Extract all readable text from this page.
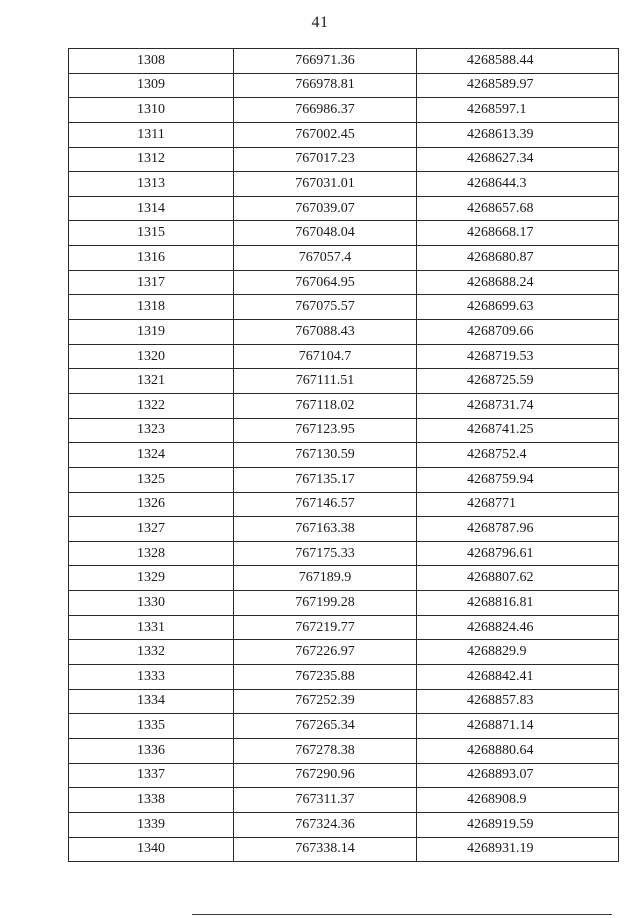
41
1308	766971.36	4268588.44
1309	766978.81	4268589.97
1310	766986.37	4268597.1
1311	767002.45	4268613.39
1312	767017.23	4268627.34
1313	767031.01	4268644.3
1314	767039.07	4268657.68
1315	767048.04	4268668.17
1316	767057.4	4268680.87
1317	767064.95	4268688.24
1318	767075.57	4268699.63
1319	767088.43	4268709.66
1320	767104.7	4268719.53
1321	767111.51	4268725.59
1322	767118.02	4268731.74
1323	767123.95	4268741.25
1324	767130.59	4268752.4
1325	767135.17	4268759.94
1326	767146.57	4268771
1327	767163.38	4268787.96
1328	767175.33	4268796.61
1329	767189.9	4268807.62
1330	767199.28	4268816.81
1331	767219.77	4268824.46
1332	767226.97	4268829.9
1333	767235.88	4268842.41
1334	767252.39	4268857.83
1335	767265.34	4268871.14
1336	767278.38	4268880.64
1337	767290.96	4268893.07
1338	767311.37	4268908.9
1339	767324.36	4268919.59
1340	767338.14	4268931.19
